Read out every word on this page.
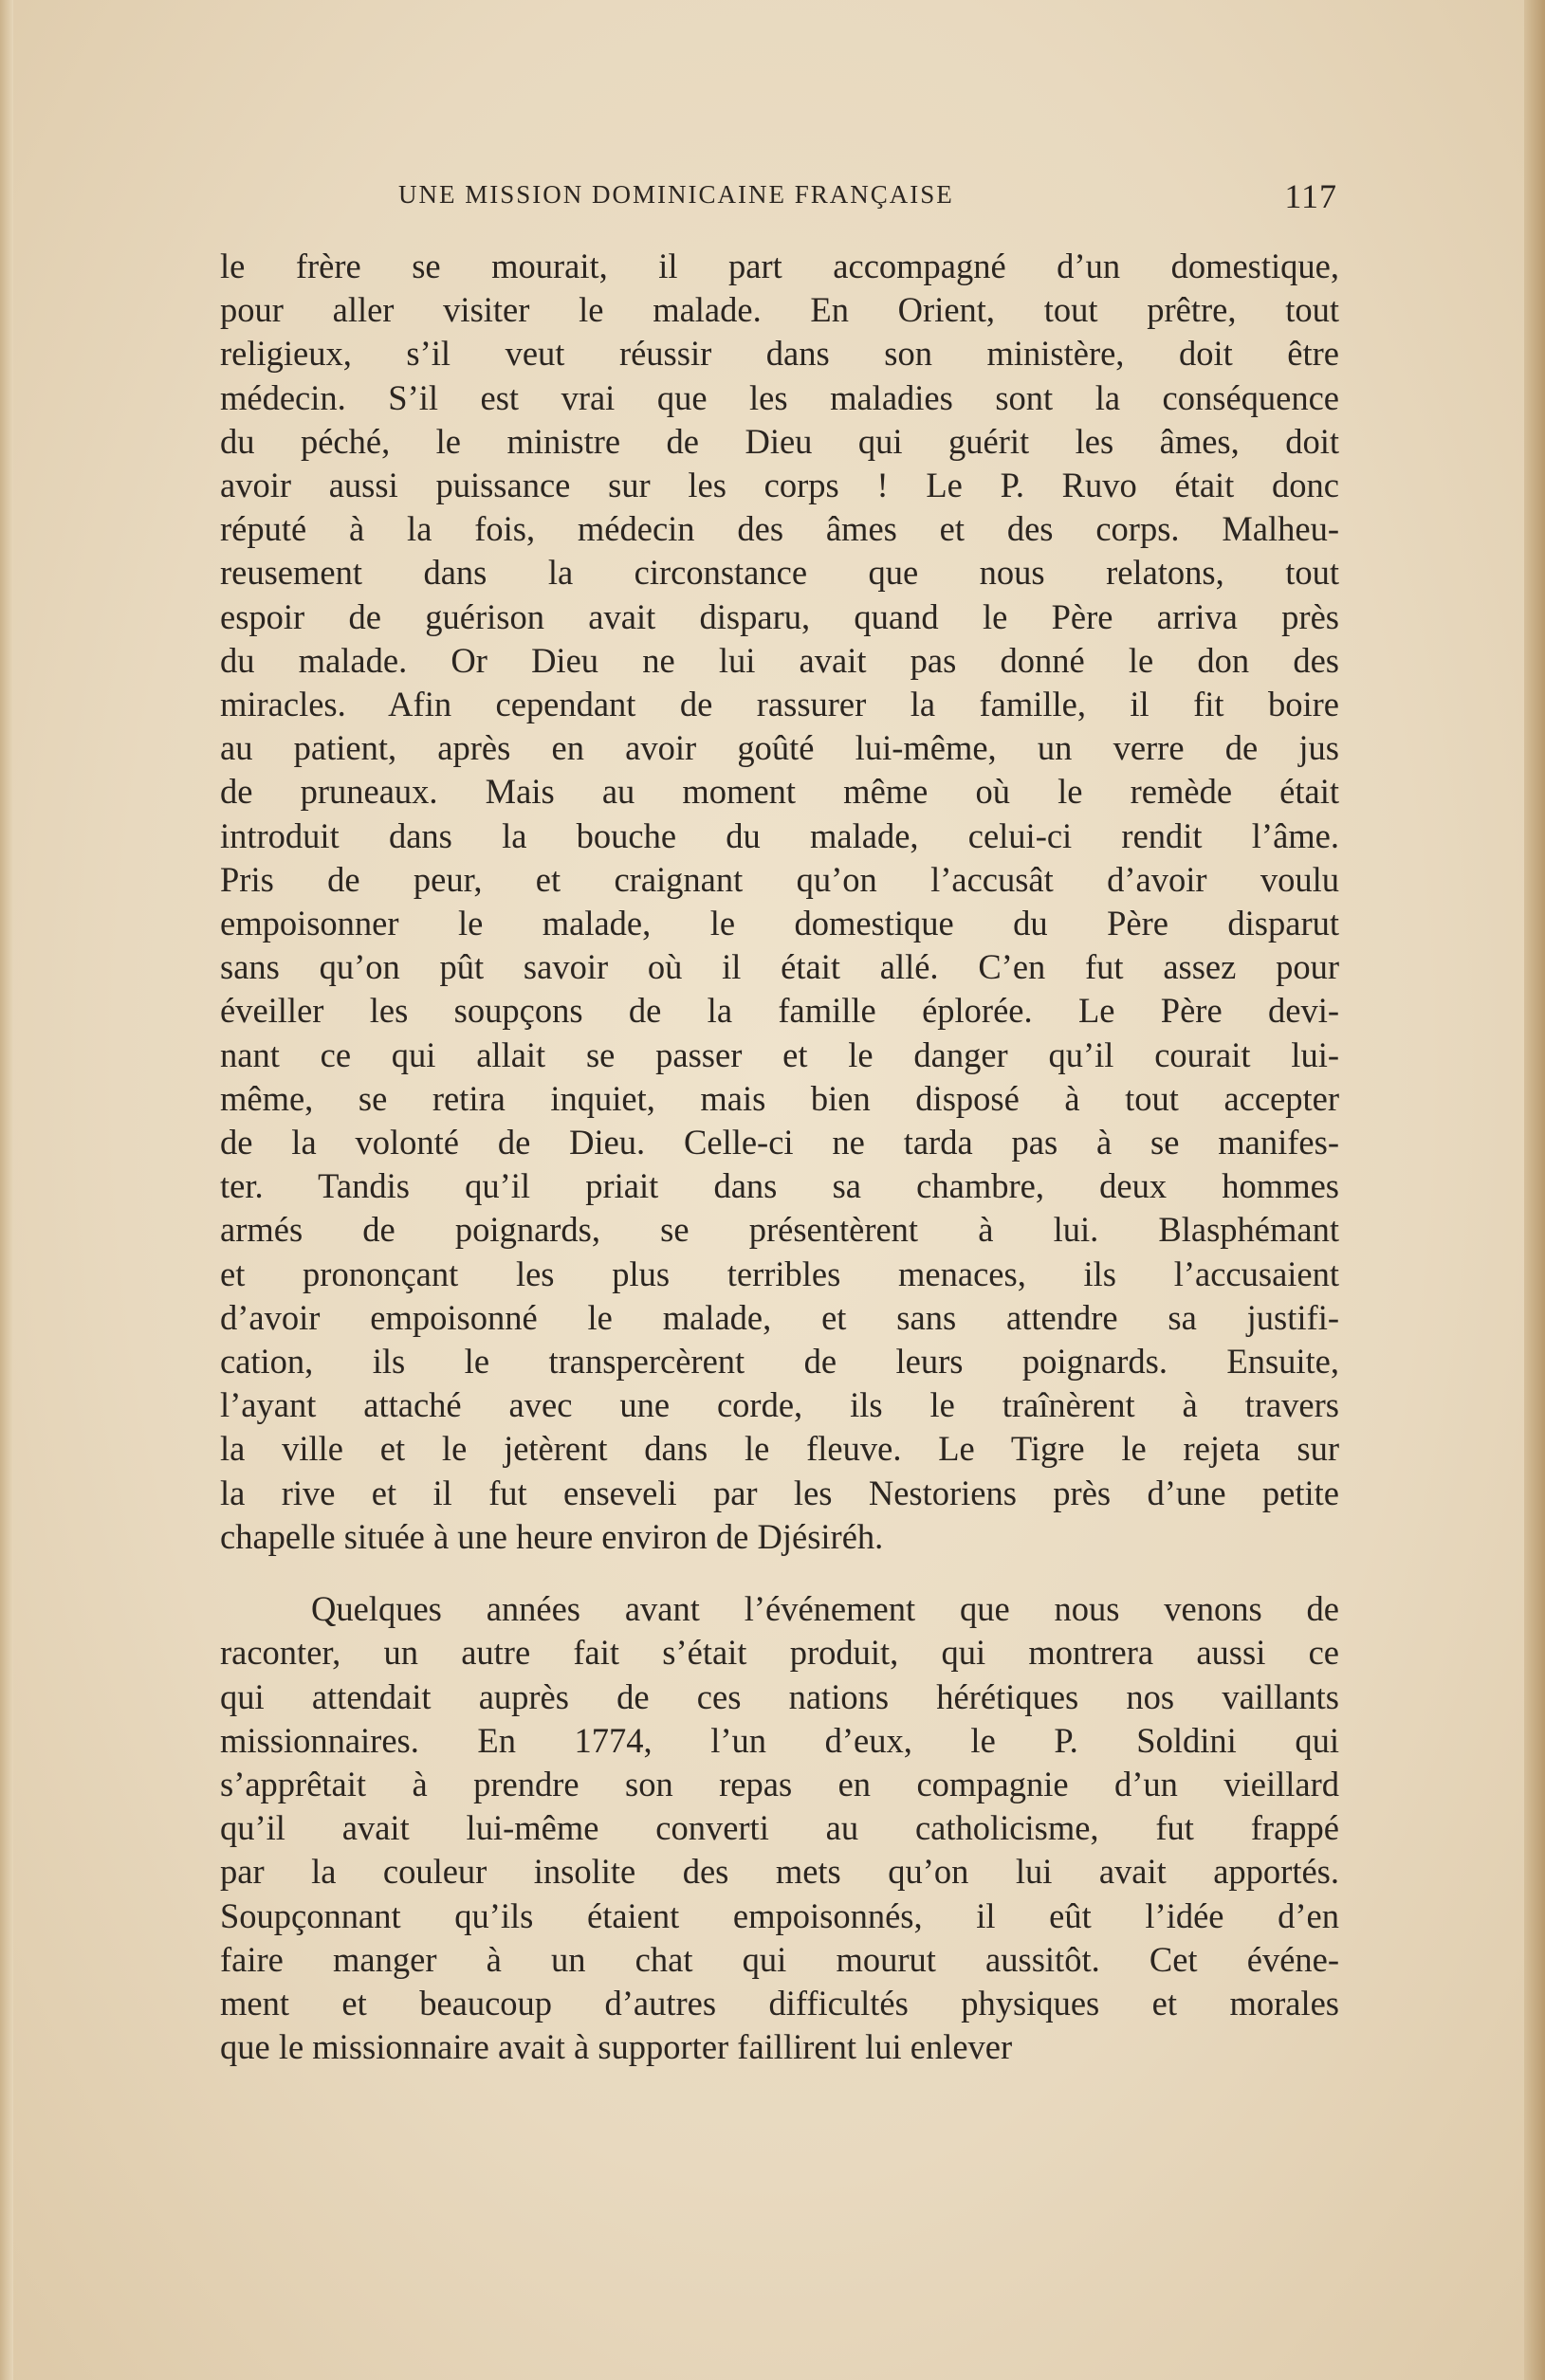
UNE MISSION DOMINICAINE FRANÇAISE	117

le frère se mourait, il part accompagné d’un domestique,
pour aller visiter le malade. En Orient, tout prêtre, tout
religieux, s’il veut réussir dans son ministère, doit être
médecin. S’il est vrai que les maladies sont la conséquence
du péché, le ministre de Dieu qui guérit les âmes, doit
avoir aussi puissance sur les corps ! Le P. Ruvo était donc
réputé à la fois, médecin des âmes et des corps. Malheu-
reusement dans la circonstance que nous relatons, tout
espoir de guérison avait disparu, quand le Père arriva près
du malade. Or Dieu ne lui avait pas donné le don des
miracles. Afin cependant de rassurer la famille, il fit boire
au patient, après en avoir goûté lui-même, un verre de jus
de pruneaux. Mais au moment même où le remède était
introduit dans la bouche du malade, celui-ci rendit l’âme.
Pris de peur, et craignant qu’on l’accusât d’avoir voulu
empoisonner le malade, le domestique du Père disparut
sans qu’on pût savoir où il était allé. C’en fut assez pour
éveiller les soupçons de la famille éplorée. Le Père devi-
nant ce qui allait se passer et le danger qu’il courait lui-
même, se retira inquiet, mais bien disposé à tout accepter
de la volonté de Dieu. Celle-ci ne tarda pas à se manifes-
ter. Tandis qu’il priait dans sa chambre, deux hommes
armés de poignards, se présentèrent à lui. Blasphémant
et prononçant les plus terribles menaces, ils l’accusaient
d’avoir empoisonné le malade, et sans attendre sa justifi-
cation, ils le transpercèrent de leurs poignards. Ensuite,
l’ayant attaché avec une corde, ils le traînèrent à travers
la ville et le jetèrent dans le fleuve. Le Tigre le rejeta sur
la rive et il fut enseveli par les Nestoriens près d’une petite
chapelle située à une heure environ de Djésiréh.

Quelques années avant l’événement que nous venons de
raconter, un autre fait s’était produit, qui montrera aussi ce
qui attendait auprès de ces nations hérétiques nos vaillants
missionnaires. En 1774, l’un d’eux, le P. Soldini qui
s’apprêtait à prendre son repas en compagnie d’un vieillard
qu’il avait lui-même converti au catholicisme, fut frappé
par la couleur insolite des mets qu’on lui avait apportés.
Soupçonnant qu’ils étaient empoisonnés, il eût l’idée d’en
faire manger à un chat qui mourut aussitôt. Cet événe-
ment et beaucoup d’autres difficultés physiques et morales
que le missionnaire avait à supporter faillirent lui enlever
